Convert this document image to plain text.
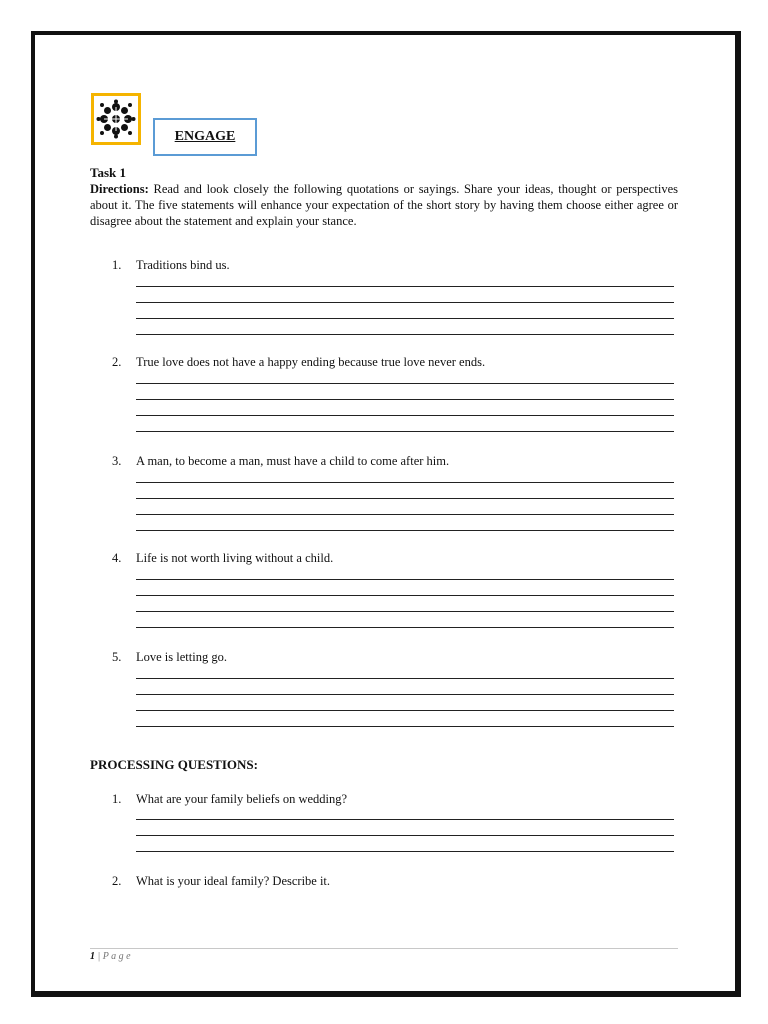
ENGAGE

Task 1

Directions: Read and look closely the following quotations or sayings. Share your ideas, thought or perspectives about it. The five statements will enhance your expectation of the short story by having them choose either agree or disagree about the statement and explain your stance.

1. Traditions bind us.
2. True love does not have a happy ending because true love never ends.
3. A man, to become a man, must have a child to come after him.
4. Life is not worth living without a child.
5. Love is letting go.
PROCESSING QUESTIONS:
1. What are your family beliefs on wedding?
2. What is your ideal family? Describe it.
1 | P a g e
